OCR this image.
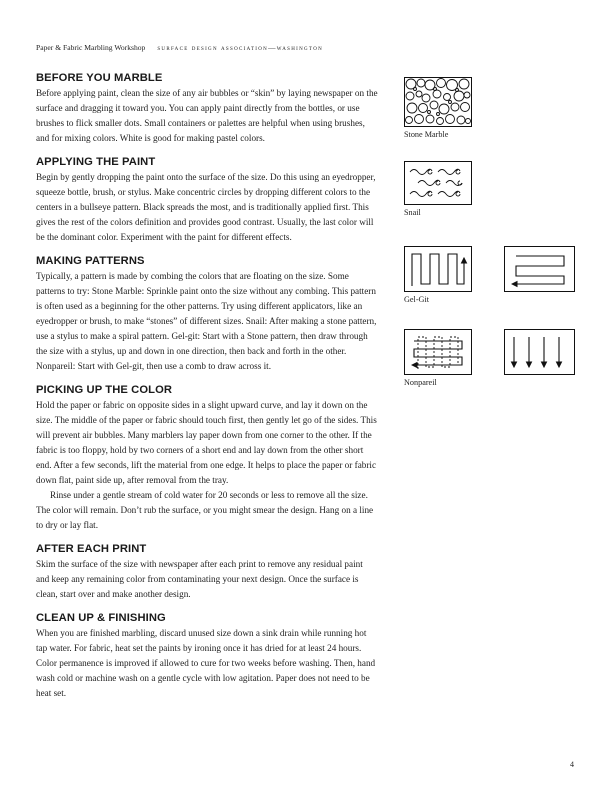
Paper & Fabric Marbling Workshop surface design association—washington
BEFORE YOU MARBLE

Before applying paint, clean the size of any air bubbles or “skin” by laying newspaper on the surface and dragging it toward you. You can apply paint directly from the bottles, or use brushes to flick smaller dots. Small containers or palettes are helpful when using brushes, and for mixing colors. White is good for making pastel colors.

APPLYING THE PAINT

Begin by gently dropping the paint onto the surface of the size. Do this using an eyedropper, squeeze bottle, brush, or stylus. Make concentric circles by dropping different colors to the centers in a bullseye pattern. Black spreads the most, and is traditionally applied first. This gives the rest of the colors definition and provides good contrast. Usually, the last color will be the dominant color. Experiment with the paint for different effects.

MAKING PATTERNS

Typically, a pattern is made by combing the colors that are floating on the size. Some patterns to try: Stone Marble: Sprinkle paint onto the size without any combing. This pattern is often used as a beginning for the other patterns. Try using different applicators, like an eyedropper or brush, to make “stones” of different sizes. Snail: After making a stone pattern, use a stylus to make a spiral pattern. Gel-git: Start with a Stone pattern, then draw through the size with a stylus, up and down in one direction, then back and forth in the other. Nonpareil: Start with Gel-git, then use a comb to draw across it.

PICKING UP THE COLOR

Hold the paper or fabric on opposite sides in a slight upward curve, and lay it down on the size. The middle of the paper or fabric should touch first, then gently let go of the sides. This will prevent air bubbles. Many marblers lay paper down from one corner to the other. If the fabric is too floppy, hold by two corners of a short end and lay down from the other short end. After a few seconds, lift the material from one edge. It helps to place the paper or fabric down flat, paint side up, after removal from the tray.

Rinse under a gentle stream of cold water for 20 seconds or less to remove all the size. The color will remain. Don’t rub the surface, or you might smear the design. Hang on a line to dry or lay flat.

AFTER EACH PRINT

Skim the surface of the size with newspaper after each print to remove any residual paint and keep any remaining color from contaminating your next design. Once the surface is clean, start over and make another design.

CLEAN UP & FINISHING

When you are finished marbling, discard unused size down a sink drain while running hot tap water. For fabric, heat set the paints by ironing once it has dried for at least 24 hours. Color permanence is improved if allowed to cure for two weeks before washing. Then, hand wash cold or machine wash on a gentle cycle with low agitation. Paper does not need to be heat set.

Stone Marble
Snail
Gel-Git
Nonpareil
4
